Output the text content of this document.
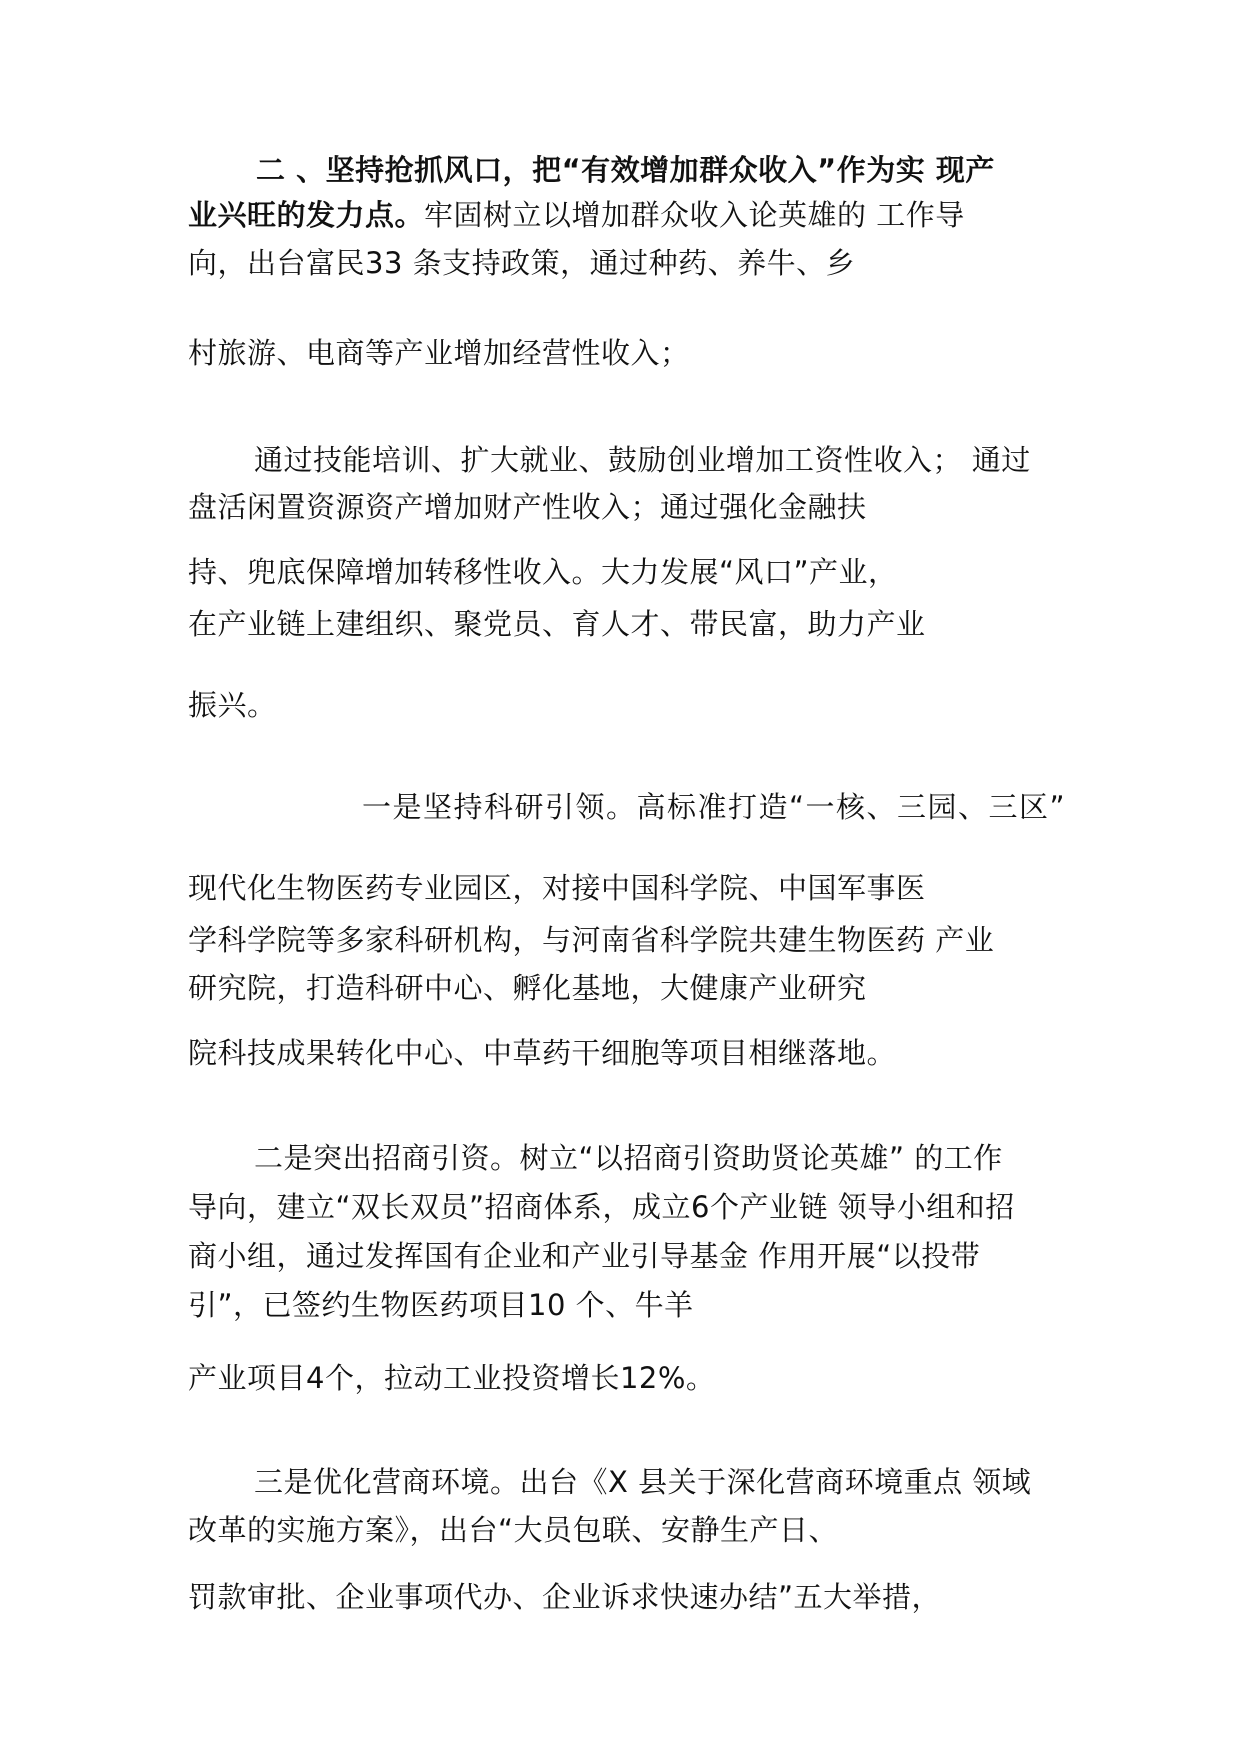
二 、坚持抢抓风口，把“有效增加群众收入”作为实 现产
业兴旺的发力点。牢固树立以增加群众收入论英雄的 工作导
向，出台富民33 条支持政策，通过种药、养牛、乡
村旅游、电商等产业增加经营性收入；
通过技能培训、扩大就业、鼓励创业增加工资性收入； 通过
盘活闲置资源资产增加财产性收入；通过强化金融扶
持、兜底保障增加转移性收入。大力发展“风口”产业，
在产业链上建组织、聚党员、育人才、带民富，助力产业
振兴。
一是坚持科研引领。高标准打造“一核、三园、三区”
现代化生物医药专业园区，对接中国科学院、中国军事医
学科学院等多家科研机构，与河南省科学院共建生物医药 产业
研究院，打造科研中心、孵化基地，大健康产业研究
院科技成果转化中心、中草药干细胞等项目相继落地。
二是突出招商引资。树立“以招商引资助贤论英雄” 的工作
导向，建立“双长双员”招商体系，成立6个产业链 领导小组和招
商小组，通过发挥国有企业和产业引导基金 作用开展“以投带
引”，已签约生物医药项目10 个、牛羊
产业项目4个，拉动工业投资增长12%。
三是优化营商环境。出台《X 县关于深化营商环境重点 领域
改革的实施方案》，出台“大员包联、安静生产日、
罚款审批、企业事项代办、企业诉求快速办结”五大举措，
